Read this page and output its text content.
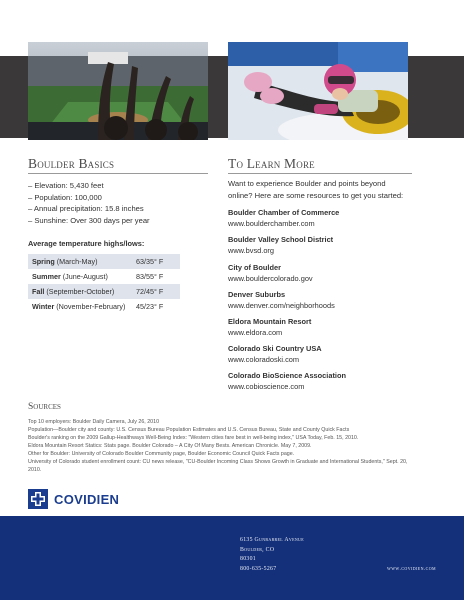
Boulder Basics
– Elevation: 5,430 feet
– Population: 100,000
– Annual precipitation: 15.8 inches
– Sunshine: Over 300 days per year
Average temperature highs/lows:
Spring (March-May)	63/35° F
Summer (June-August)	83/55° F
Fall (September-October)	72/45° F
Winter (November-February)	45/23° F
To Learn More
Want to experience Boulder and points beyond online? Here are some resources to get you started:
Boulder Chamber of Commerce
www.boulderchamber.com
Boulder Valley School District
www.bvsd.org
City of Boulder
www.bouldercolorado.gov
Denver Suburbs
www.denver.com/neighborhoods
Eldora Mountain Resort
www.eldora.com
Colorado Ski Country USA
www.coloradoski.com
Colorado BioScience Association
www.cobioscience.com
Sources

Top 10 employers: Boulder Daily Camera, July 26, 2010

Population—Boulder city and county: U.S. Census Bureau Population Estimates and U.S. Census Bureau, State and County Quick Facts

Boulder's ranking on the 2009 Gallup-Healthways Well-Being Index: "Western cities fare best in well-being index," USA Today, Feb. 15, 2010.

Eldora Mountain Resort Statics: Stats page. Boulder Colorado – A City Of Many Bests. American Chronicle. May 7, 2009.

Other for Boulder: University of Colorado Boulder Community page, Boulder Economic Council Quick Facts page.

University of Colorado student enrollment count: CU news release, "CU-Boulder Incoming Class Shows Growth in Graduate and International Students," Sept. 20, 2010.

COVIDIEN
6135 Gunbarrel Avenue
Boulder, CO
80301
800-635-5267	www.covidien.com
